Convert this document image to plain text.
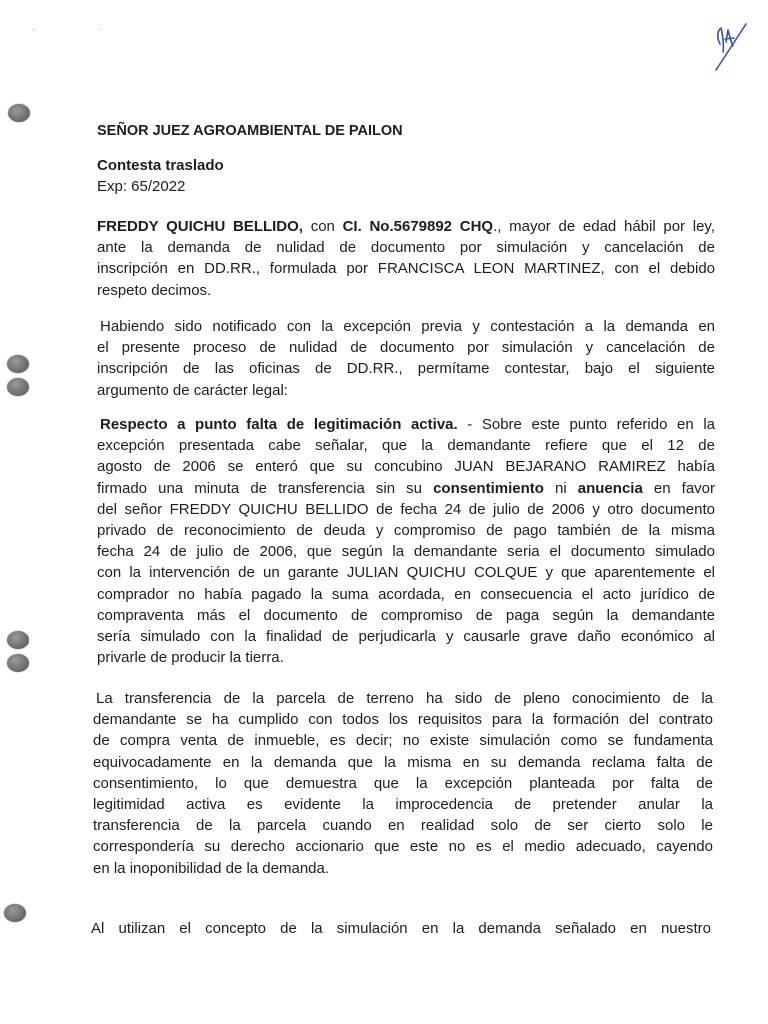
· ·
SEÑOR JUEZ AGROAMBIENTAL DE PAILON
Contesta traslado
Exp: 65/2022
FREDDY QUICHU BELLIDO, con CI. No.5679892 CHQ., mayor de edad hábil por ley,
ante la demanda de nulidad de documento por simulación y cancelación de
inscripción en DD.RR., formulada por FRANCISCA LEON MARTINEZ, con el debido
respeto decimos.
Habiendo sido notificado con la excepción previa y contestación a la demanda en
el presente proceso de nulidad de documento por simulación y cancelación de
inscripción de las oficinas de DD.RR., permítame contestar, bajo el siguiente
argumento de carácter legal:
Respecto a punto falta de legitimación activa. - Sobre este punto referido en la
excepción presentada cabe señalar, que la demandante refiere que el 12 de
agosto de 2006 se enteró que su concubino JUAN BEJARANO RAMIREZ había
firmado una minuta de transferencia sin su consentimiento ni anuencia en favor
del señor FREDDY QUICHU BELLIDO de fecha 24 de julio de 2006 y otro documento
privado de reconocimiento de deuda y compromiso de pago también de la misma
fecha 24 de julio de 2006, que según la demandante seria el documento simulado
con la intervención de un garante JULIAN QUICHU COLQUE y que aparentemente el
comprador no había pagado la suma acordada, en consecuencia el acto jurídico de
compraventa más el documento de compromiso de paga según la demandante
sería simulado con la finalidad de perjudicarla y causarle grave daño económico al
privarle de producir la tierra.
La transferencia de la parcela de terreno ha sido de pleno conocimiento de la
demandante se ha cumplido con todos los requisitos para la formación del contrato
de compra venta de inmueble, es decir; no existe simulación como se fundamenta
equivocadamente en la demanda que la misma en su demanda reclama falta de
consentimiento, lo que demuestra que la excepción planteada por falta de
legitimidad activa es evidente la improcedencia de pretender anular la
transferencia de la parcela cuando en realidad solo de ser cierto solo le
correspondería su derecho accionario que este no es el medio adecuado, cayendo
en la inoponibilidad de la demanda.
Al utilizan el concepto de la simulación en la demanda señalado en nuestro
